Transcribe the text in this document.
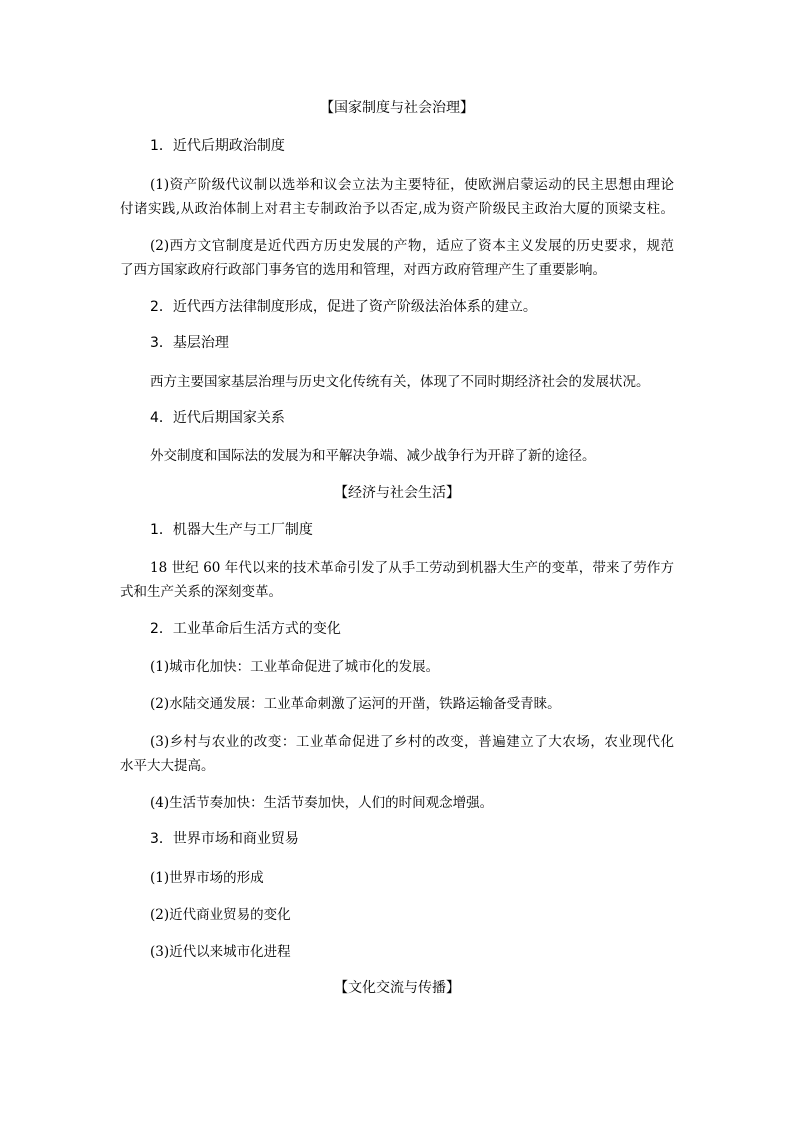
【国家制度与社会治理】
1．近代后期政治制度
(1)资产阶级代议制以选举和议会立法为主要特征，使欧洲启蒙运动的民主思想由理论
付诸实践,从政治体制上对君主专制政治予以否定,成为资产阶级民主政治大厦的顶梁支柱。
(2)西方文官制度是近代西方历史发展的产物，适应了资本主义发展的历史要求，规范
了西方国家政府行政部门事务官的选用和管理，对西方政府管理产生了重要影响。
2．近代西方法律制度形成，促进了资产阶级法治体系的建立。
3．基层治理
西方主要国家基层治理与历史文化传统有关，体现了不同时期经济社会的发展状况。
4．近代后期国家关系
外交制度和国际法的发展为和平解决争端、减少战争行为开辟了新的途径。
【经济与社会生活】
1．机器大生产与工厂制度
18 世纪 60 年代以来的技术革命引发了从手工劳动到机器大生产的变革，带来了劳作方
式和生产关系的深刻变革。
2．工业革命后生活方式的变化
(1)城市化加快：工业革命促进了城市化的发展。
(2)水陆交通发展：工业革命刺激了运河的开凿，铁路运输备受青睐。
(3)乡村与农业的改变：工业革命促进了乡村的改变，普遍建立了大农场，农业现代化
水平大大提高。
(4)生活节奏加快：生活节奏加快，人们的时间观念增强。
3．世界市场和商业贸易
(1)世界市场的形成
(2)近代商业贸易的变化
(3)近代以来城市化进程
【文化交流与传播】
